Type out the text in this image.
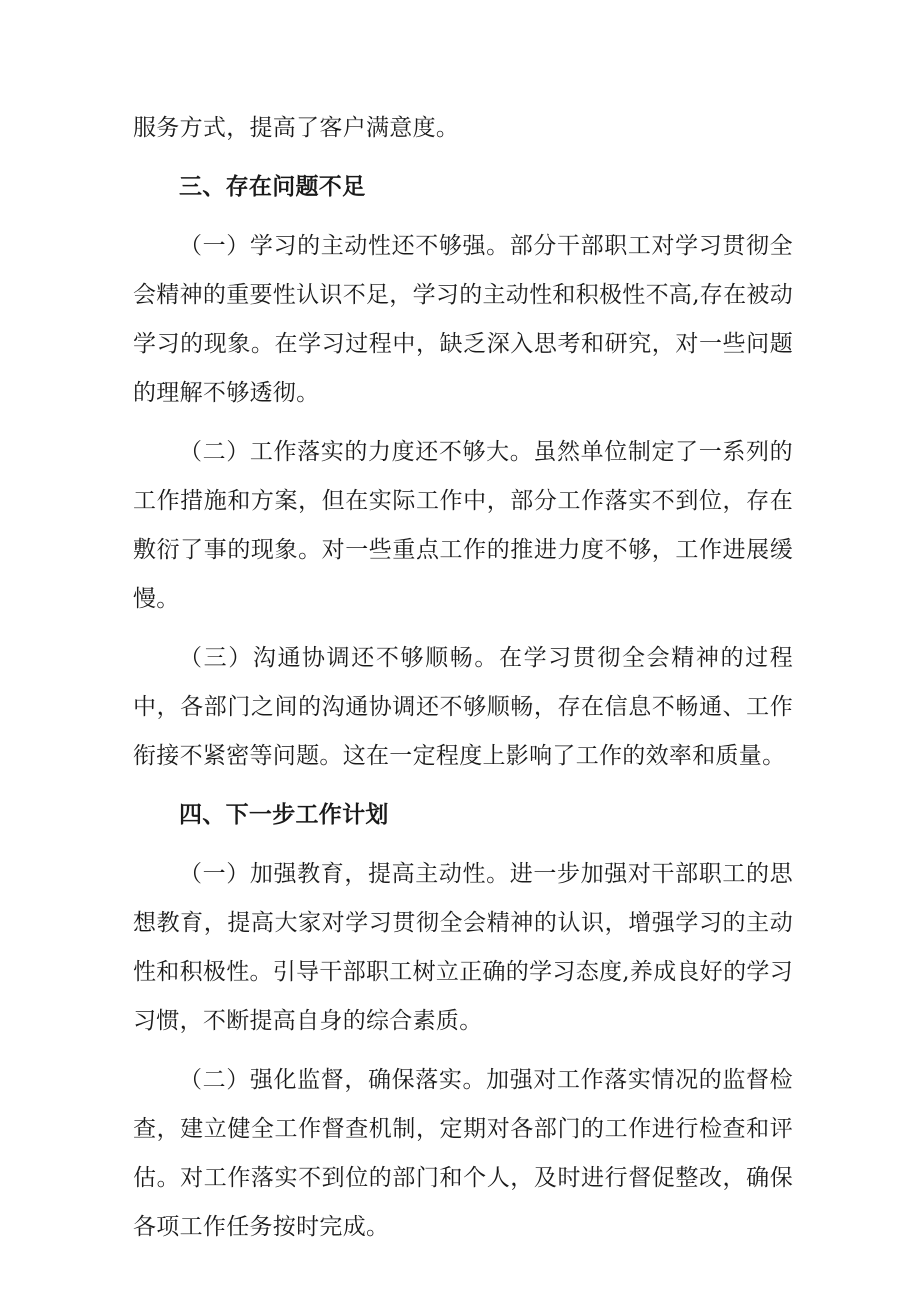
服务方式，提高了客户满意度。

三、存在问题不足

（一）学习的主动性还不够强。部分干部职工对学习贯彻全会精神的重要性认识不足，学习的主动性和积极性不高,存在被动学习的现象。在学习过程中，缺乏深入思考和研究，对一些问题的理解不够透彻。

（二）工作落实的力度还不够大。虽然单位制定了一系列的工作措施和方案，但在实际工作中，部分工作落实不到位，存在敷衍了事的现象。对一些重点工作的推进力度不够，工作进展缓慢。

（三）沟通协调还不够顺畅。在学习贯彻全会精神的过程中，各部门之间的沟通协调还不够顺畅，存在信息不畅通、工作衔接不紧密等问题。这在一定程度上影响了工作的效率和质量。

四、下一步工作计划

（一）加强教育，提高主动性。进一步加强对干部职工的思想教育，提高大家对学习贯彻全会精神的认识，增强学习的主动性和积极性。引导干部职工树立正确的学习态度,养成良好的学习习惯，不断提高自身的综合素质。

（二）强化监督，确保落实。加强对工作落实情况的监督检查，建立健全工作督查机制，定期对各部门的工作进行检查和评估。对工作落实不到位的部门和个人，及时进行督促整改，确保各项工作任务按时完成。
